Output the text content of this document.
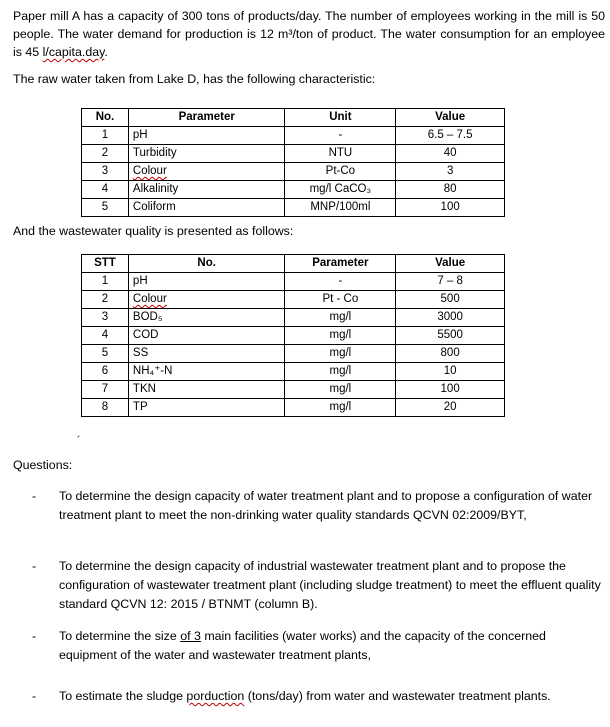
Paper mill A has a capacity of 300 tons of products/day. The number of employees working in the mill is 50 people. The water demand for production is 12 m³/ton of product. The water consumption for an employee is 45 l/capita.day.

The raw water taken from Lake D, has the following characteristic:

No.	Parameter	Unit	Value
1	pH	-	6.5 – 7.5
2	Turbidity	NTU	40
3	Colour	Pt-Co	3
4	Alkalinity	mg/l CaCO₃	80
5	Coliform	MNP/100ml	100
And the wastewater quality is presented as follows:
STT	No.	Parameter	Value
1	pH	-	7 – 8
2	Colour	Pt - Co	500
3	BOD₅	mg/l	3000
4	COD	mg/l	5500
5	SS	mg/l	800
6	NH₄⁺-N	mg/l	10
7	TKN	mg/l	100
8	TP	mg/l	20
´
Questions:
- To determine the design capacity of water treatment plant and to propose a configuration of water treatment plant to meet the non-drinking water quality standards QCVN 02:2009/BYT,
- To determine the design capacity of industrial wastewater treatment plant and to propose the configuration of wastewater treatment plant (including sludge treatment) to meet the effluent quality standard QCVN 12: 2015 / BTNMT (column B).
- To determine the size of 3 main facilities (water works) and the capacity of the concerned equipment of the water and wastewater treatment plants,
- To estimate the sludge porduction (tons/day) from water and wastewater treatment plants.
